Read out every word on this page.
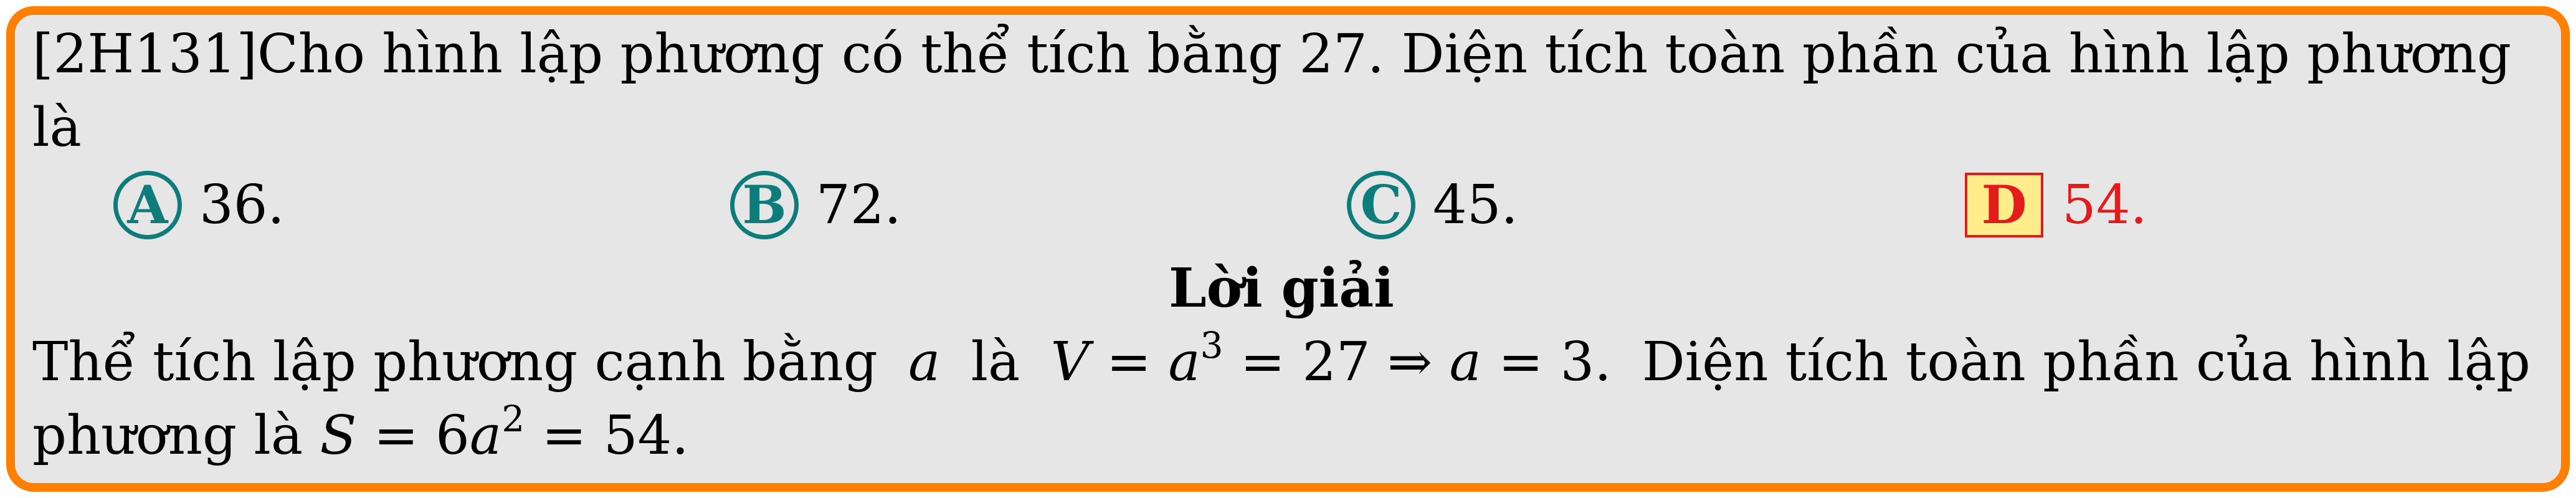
[2H131]Cho hình lập phương có thể tích bằng 27. Diện tích toàn phần của hình lập phương
là
A 36.	B 72.	C 45.	D 54.
Lời giải
Thể tích lập phương cạnh bằng a là $V = a^3 = 27$ ⇒ a = 3. Diện tích toàn phần của hình lập
phương là $S = 6a^2 = 54$.
